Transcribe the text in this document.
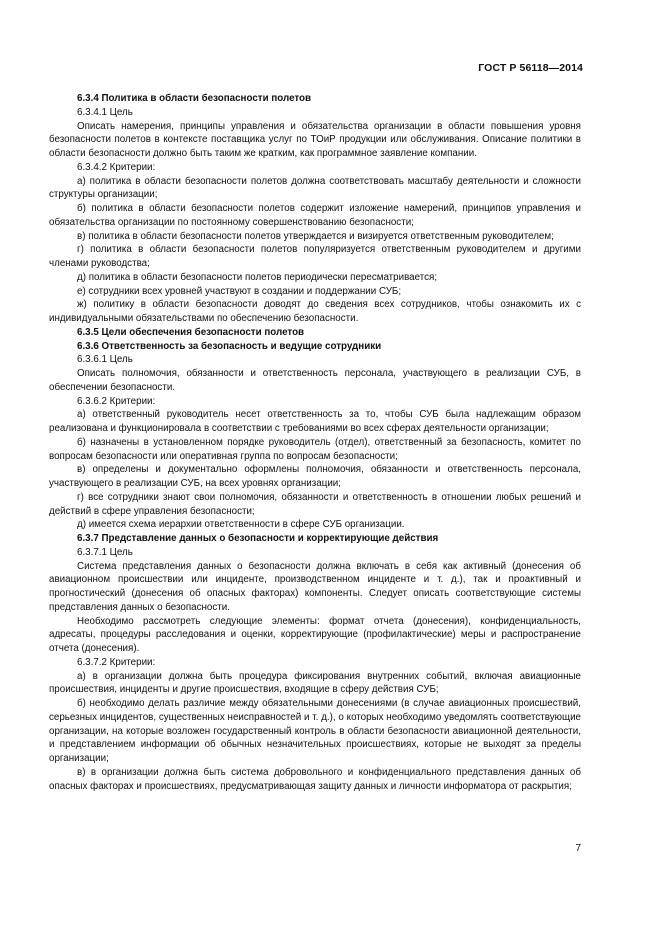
ГОСТ Р 56118—2014

6.3.4 Политика в области безопасности полетов

6.3.4.1 Цель

Описать намерения, принципы управления и обязательства организации в области повышения уровня безопасности полетов в контексте поставщика услуг по ТОиР продукции или обслуживания. Описание политики в области безопасности должно быть таким же кратким, как программное заявление компании.

6.3.4.2 Критерии:

а) политика в области безопасности полетов должна соответствовать масштабу деятельности и сложности структуры организации;

б) политика в области безопасности полетов содержит изложение намерений, принципов управления и обязательства организации по постоянному совершенствованию безопасности;

в) политика в области безопасности полетов утверждается и визируется ответственным руководителем;

г) политика в области безопасности полетов популяризуется ответственным руководителем и другими членами руководства;

д) политика в области безопасности полетов периодически пересматривается;

е) сотрудники всех уровней участвуют в создании и поддержании СУБ;

ж) политику в области безопасности доводят до сведения всех сотрудников, чтобы ознакомить их с индивидуальными обязательствами по обеспечению безопасности.

6.3.5 Цели обеспечения безопасности полетов

6.3.6 Ответственность за безопасность и ведущие сотрудники

6.3.6.1 Цель

Описать полномочия, обязанности и ответственность персонала, участвующего в реализации СУБ, в обеспечении безопасности.

6.3.6.2 Критерии:

а) ответственный руководитель несет ответственность за то, чтобы СУБ была надлежащим образом реализована и функционировала в соответствии с требованиями во всех сферах деятельности организации;

б) назначены в установленном порядке руководитель (отдел), ответственный за безопасность, комитет по вопросам безопасности или оперативная группа по вопросам безопасности;

в) определены и документально оформлены полномочия, обязанности и ответственность персонала, участвующего в реализации СУБ, на всех уровнях организации;

г) все сотрудники знают свои полномочия, обязанности и ответственность в отношении любых решений и действий в сфере управления безопасности;

д) имеется схема иерархии ответственности в сфере СУБ организации.

6.3.7 Представление данных о безопасности и корректирующие действия

6.3.7.1 Цель

Система представления данных о безопасности должна включать в себя как активный (донесения об авиационном происшествии или инциденте, производственном инциденте и т. д.), так и проактивный и прогностический (донесения об опасных факторах) компоненты. Следует описать соответствующие системы представления данных о безопасности.

Необходимо рассмотреть следующие элементы: формат отчета (донесения), конфиденциальность, адресаты, процедуры расследования и оценки, корректирующие (профилактические) меры и распространение отчета (донесения).

6.3.7.2 Критерии:

а) в организации должна быть процедура фиксирования внутренних событий, включая авиационные происшествия, инциденты и другие происшествия, входящие в сферу действия СУБ;

б) необходимо делать различие между обязательными донесениями (в случае авиационных происшествий, серьезных инцидентов, существенных неисправностей и т. д.), о которых необходимо уведомлять соответствующие организации, на которые возложен государственный контроль в области безопасности авиационной деятельности, и представлением информации об обычных незначительных происшествиях, которые не выходят за пределы организации;

в) в организации должна быть система добровольного и конфиденциального представления данных об опасных факторах и происшествиях, предусматривающая защиту данных и личности информатора от раскрытия;

7
